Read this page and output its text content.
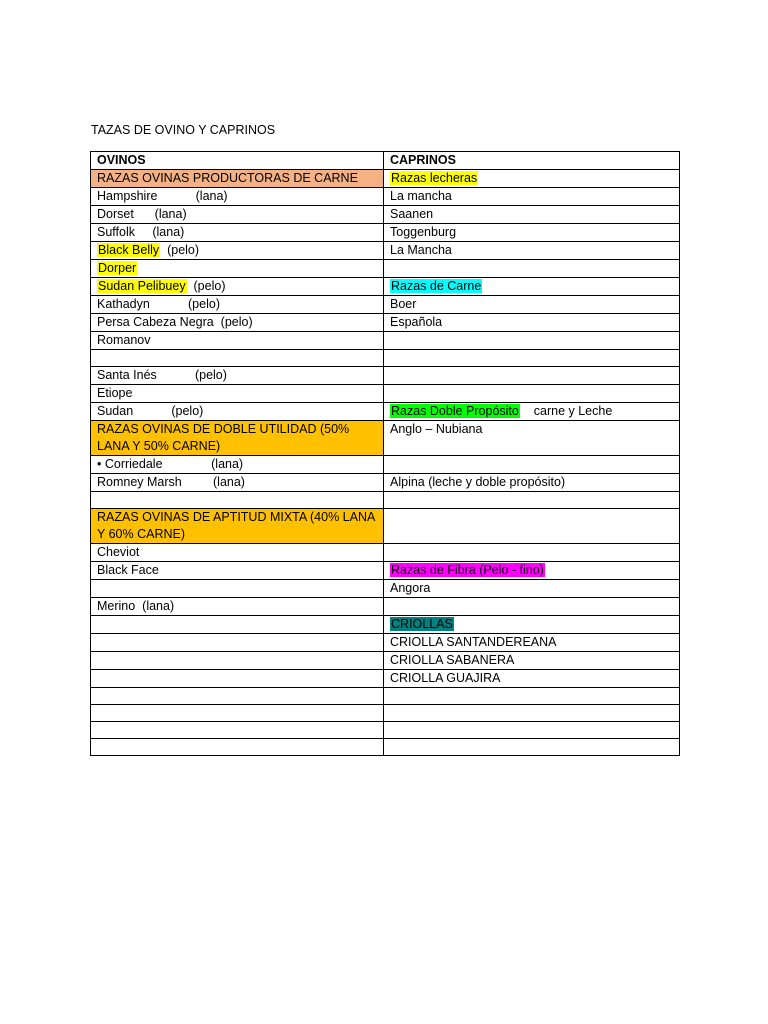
TAZAS DE OVINO Y CAPRINOS
OVINOS	CAPRINOS
RAZAS OVINAS PRODUCTORAS DE CARNE	Razas lecheras
Hampshire           (lana)	La mancha
Dorset      (lana)	Saanen
Suffolk     (lana)	Toggenburg
Black Belly  (pelo)	La Mancha
Dorper	
Sudan Pelibuey  (pelo)	Razas de Carne
Kathadyn           (pelo)	Boer
Persa Cabeza Negra  (pelo)	Española
Romanov	

Santa Inés           (pelo)	
Etiope	
Sudan           (pelo)	Razas Doble Propósito    carne y Leche
RAZAS OVINAS DE DOBLE UTILIDAD (50% LANA Y 50% CARNE)	Anglo – Nubiana
• Corriedale              (lana)	
Romney Marsh         (lana)	Alpina (leche y doble propósito)

RAZAS OVINAS DE APTITUD MIXTA (40% LANA Y 60% CARNE)	
Cheviot	
Black Face	Razas de Fibra (Pelo - fino)
	Angora
Merino  (lana)	
	CRIOLLAS
	CRIOLLA SANTANDEREANA
	CRIOLLA SABANERA
	CRIOLLA GUAJIRA
